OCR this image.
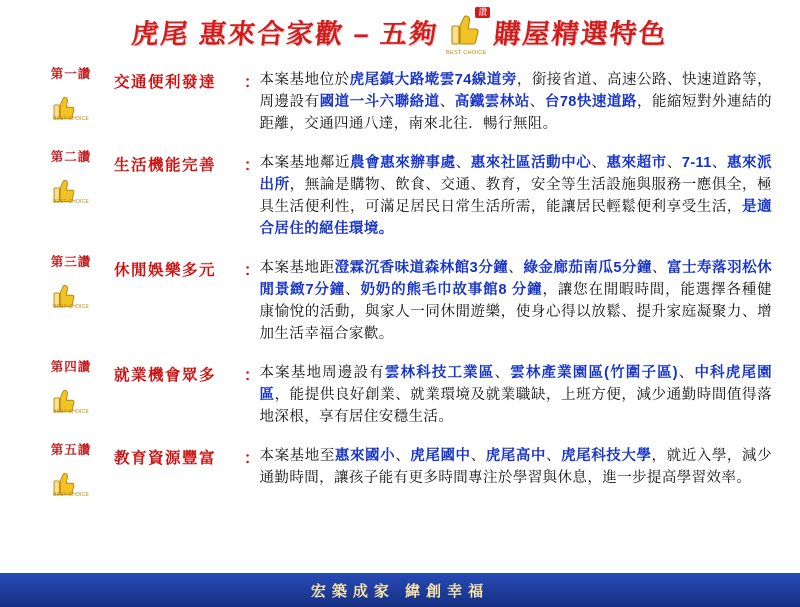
虎尾 惠來合家歡 – 五夠
讚
BEST CHOICE
購屋精選特色
第一讚
BEST CHOICE
交通便利發達	： 本案基地位於虎尾鎮大路墘雲74線道旁，銜接省道、高速公路、快速道路等，周邊設有國道一斗六聯絡道、高鐵雲林站、台78快速道路，能縮短對外連結的距離，交通四通八達，南來北往．暢行無阻。
第二讚
BEST CHOICE
生活機能完善	： 本案基地鄰近農會惠來辦事處、惠來社區活動中心、惠來超市、7-11、惠來派出所，無論是購物、飲食、交通、教育，安全等生活設施與服務一應俱全，極具生活便利性，可滿足居民日常生活所需，能讓居民輕鬆便利享受生活，是適合居住的絕佳環境。
第三讚
BEST CHOICE
休閒娛樂多元	： 本案基地距澄霖沉香味道森林館3分鐘、綠金廊茄南瓜5分鐘、富士寿落羽松休閒景緻7分鐘、奶奶的熊毛巾故事館8 分鐘，讓您在閒暇時間，能選擇各種健康愉悅的活動，與家人一同休閒遊樂，使身心得以放鬆、提升家庭凝聚力、增加生活幸福合家歡。
第四讚
BEST CHOICE
就業機會眾多	： 本案基地周邊設有雲林科技工業區、雲林產業園區(竹圍子區)、中科虎尾園區，能提供良好創業、就業環境及就業職缺，上班方便，減少通勤時間值得落地深根，享有居住安穩生活。
第五讚
BEST CHOICE
教育資源豐富	： 本案基地至惠來國小、虎尾國中、虎尾高中、虎尾科技大學，就近入學，減少通勤時間，讓孩子能有更多時間專注於學習與休息，進一步提高學習效率。
宏築成家 緯創幸福
